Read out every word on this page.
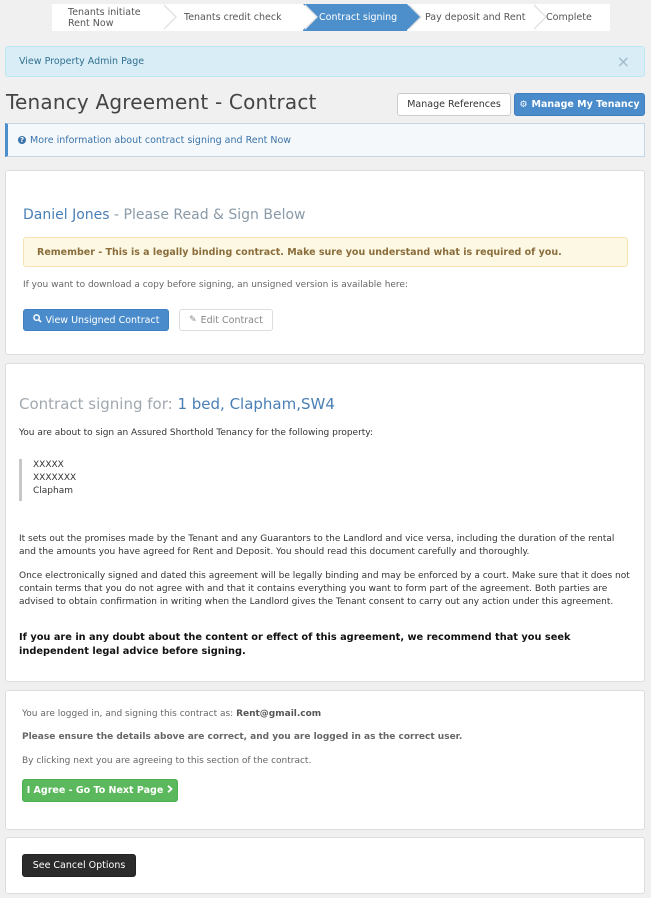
Tenants initiate Rent Now	Tenants credit check	Contract signing	Pay deposit and Rent Complete
View Property Admin Page	×
Tenancy Agreement - Contract	Manage References ⚙ Manage My Tenancy
? More information about contract signing and Rent Now
Daniel Jones - Please Read & Sign Below
Remember - This is a legally binding contract. Make sure you understand what is required of you.
If you want to download a copy before signing, an unsigned version is available here:
View Unsigned Contract	✎ Edit Contract
Contract signing for: 1 bed, Clapham,SW4
You are about to sign an Assured Shorthold Tenancy for the following property:
XXXXX
XXXXXXX
Clapham
It sets out the promises made by the Tenant and any Guarantors to the Landlord and vice versa, including the duration of the rental and the amounts you have agreed for Rent and Deposit. You should read this document carefully and thoroughly.
Once electronically signed and dated this agreement will be legally binding and may be enforced by a court. Make sure that it does not contain terms that you do not agree with and that it contains everything you want to form part of the agreement. Both parties are advised to obtain confirmation in writing when the Landlord gives the Tenant consent to carry out any action under this agreement.
If you are in any doubt about the content or effect of this agreement, we recommend that you seek independent legal advice before signing.
You are logged in, and signing this contract as: Rent@gmail.com
Please ensure the details above are correct, and you are logged in as the correct user.
By clicking next you are agreeing to this section of the contract.
I Agree - Go To Next Page
See Cancel Options
